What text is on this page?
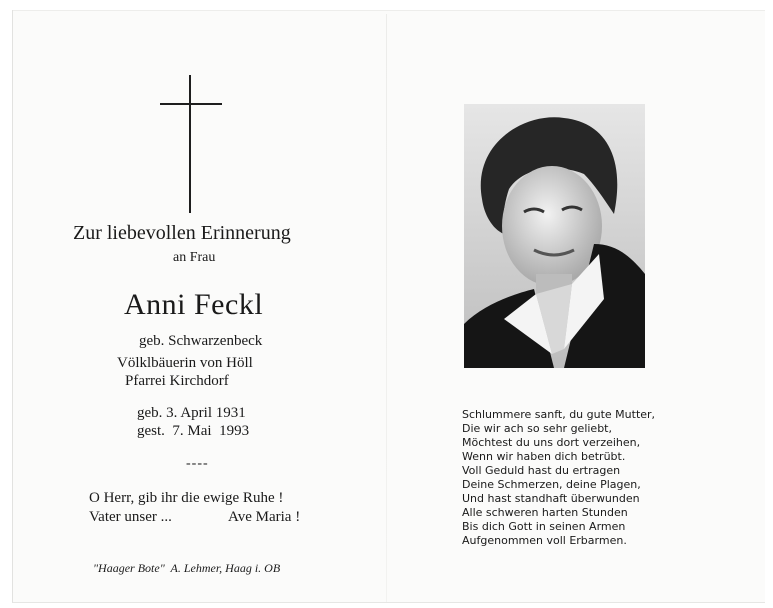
Zur liebevollen Erinnerung
an Frau
Anni Feckl
geb. Schwarzenbeck
Völklbäuerin von Höll
Pfarrei Kirchdorf
geb. 3. April 1931
gest.  7. Mai  1993
----
O Herr, gib ihr die ewige Ruhe !
Vater unser ...	Ave Maria !
"Haager Bote"  A. Lehmer, Haag i. OB
Schlummere sanft, du gute Mutter,
Die wir ach so sehr geliebt,
Möchtest du uns dort verzeihen,
Wenn wir haben dich betrübt.
Voll Geduld hast du ertragen
Deine Schmerzen, deine Plagen,
Und hast standhaft überwunden
Alle schweren harten Stunden
Bis dich Gott in seinen Armen
Aufgenommen voll Erbarmen.
